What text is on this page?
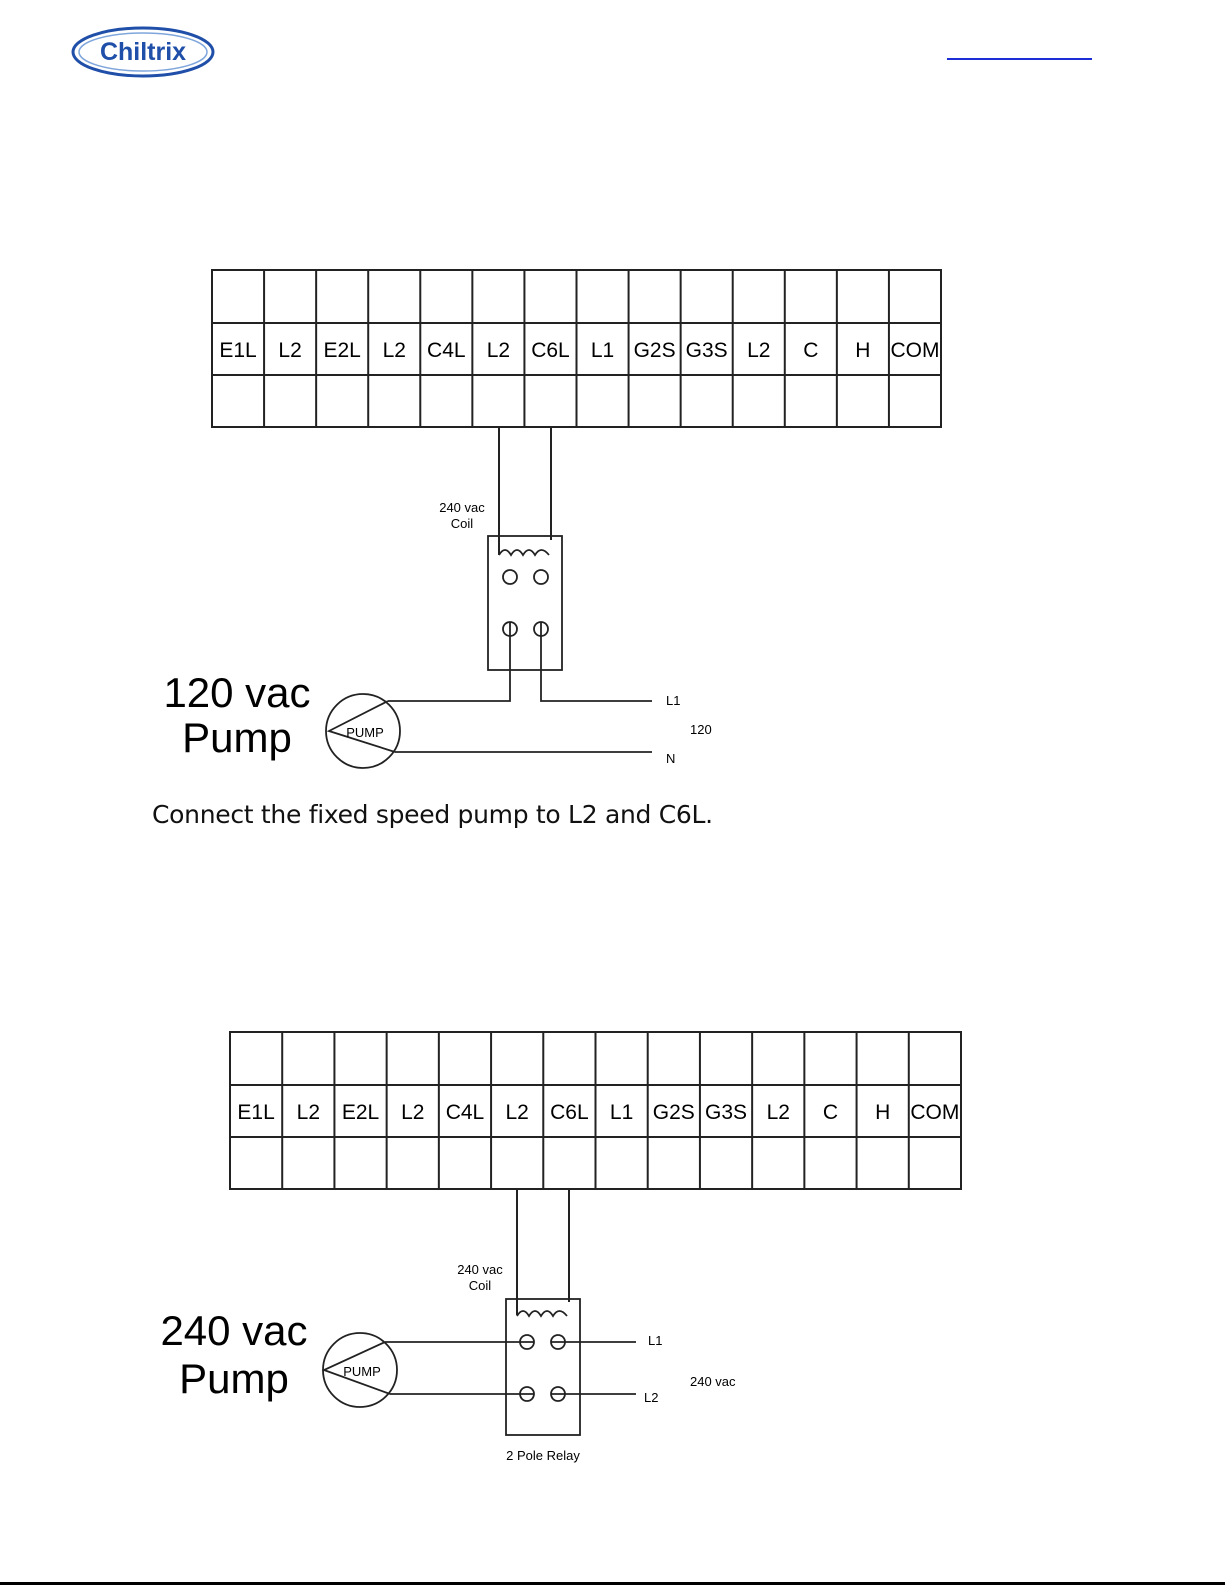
Chiltrix
E1L L2 E2L L2 C4L L2 C6L L1 G2S G3S L2 C H COM
240 vac
Coil
L1
120
N
PUMP
120 vac
Pump
E1L L2 E2L L2 C4L L2 C6L L1 G2S G3S L2 C H COM
240 vac
Coil
L1
240 vac
L2
2 Pole Relay
PUMP
240 vac
Pump
Connect the fixed speed pump to L2 and C6L.
